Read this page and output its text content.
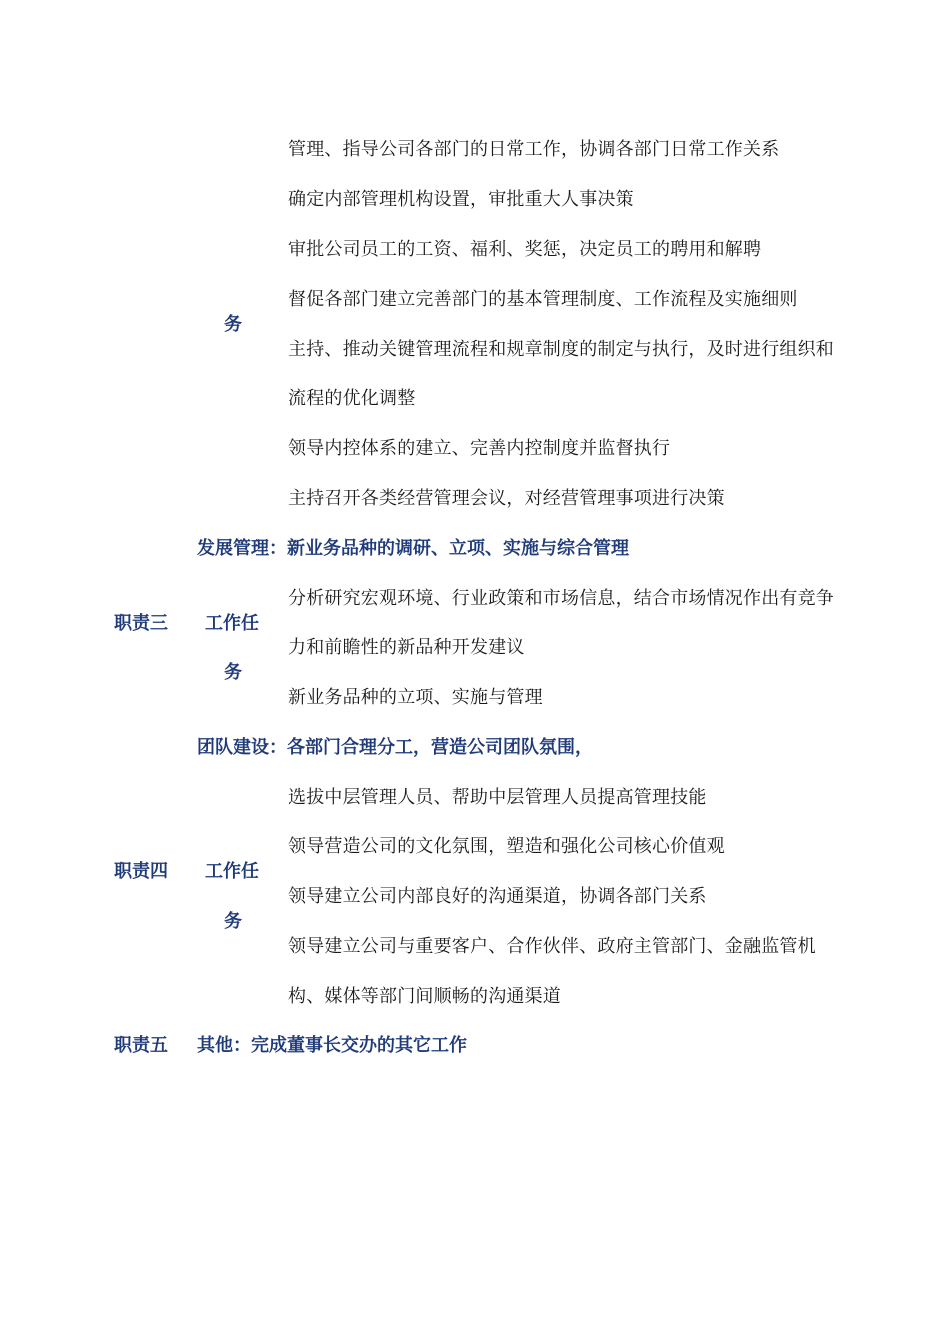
管理、指导公司各部门的日常工作，协调各部门日常工作关系
确定内部管理机构设置，审批重大人事决策
审批公司员工的工资、福利、奖惩，决定员工的聘用和解聘
督促各部门建立完善部门的基本管理制度、工作流程及实施细则
务
主持、推动关键管理流程和规章制度的制定与执行，及时进行组织和
流程的优化调整
领导内控体系的建立、完善内控制度并监督执行
主持召开各类经营管理会议，对经营管理事项进行决策
发展管理：新业务品种的调研、立项、实施与综合管理
分析研究宏观环境、行业政策和市场信息，结合市场情况作出有竞争
职责三 工作任
力和前瞻性的新品种开发建议
务
新业务品种的立项、实施与管理
团队建设：各部门合理分工，营造公司团队氛围，
选拔中层管理人员、帮助中层管理人员提高管理技能
领导营造公司的文化氛围，塑造和强化公司核心价值观
职责四 工作任
领导建立公司内部良好的沟通渠道，协调各部门关系
务
领导建立公司与重要客户、合作伙伴、政府主管部门、金融监管机
构、媒体等部门间顺畅的沟通渠道
职责五 其他：完成董事长交办的其它工作
